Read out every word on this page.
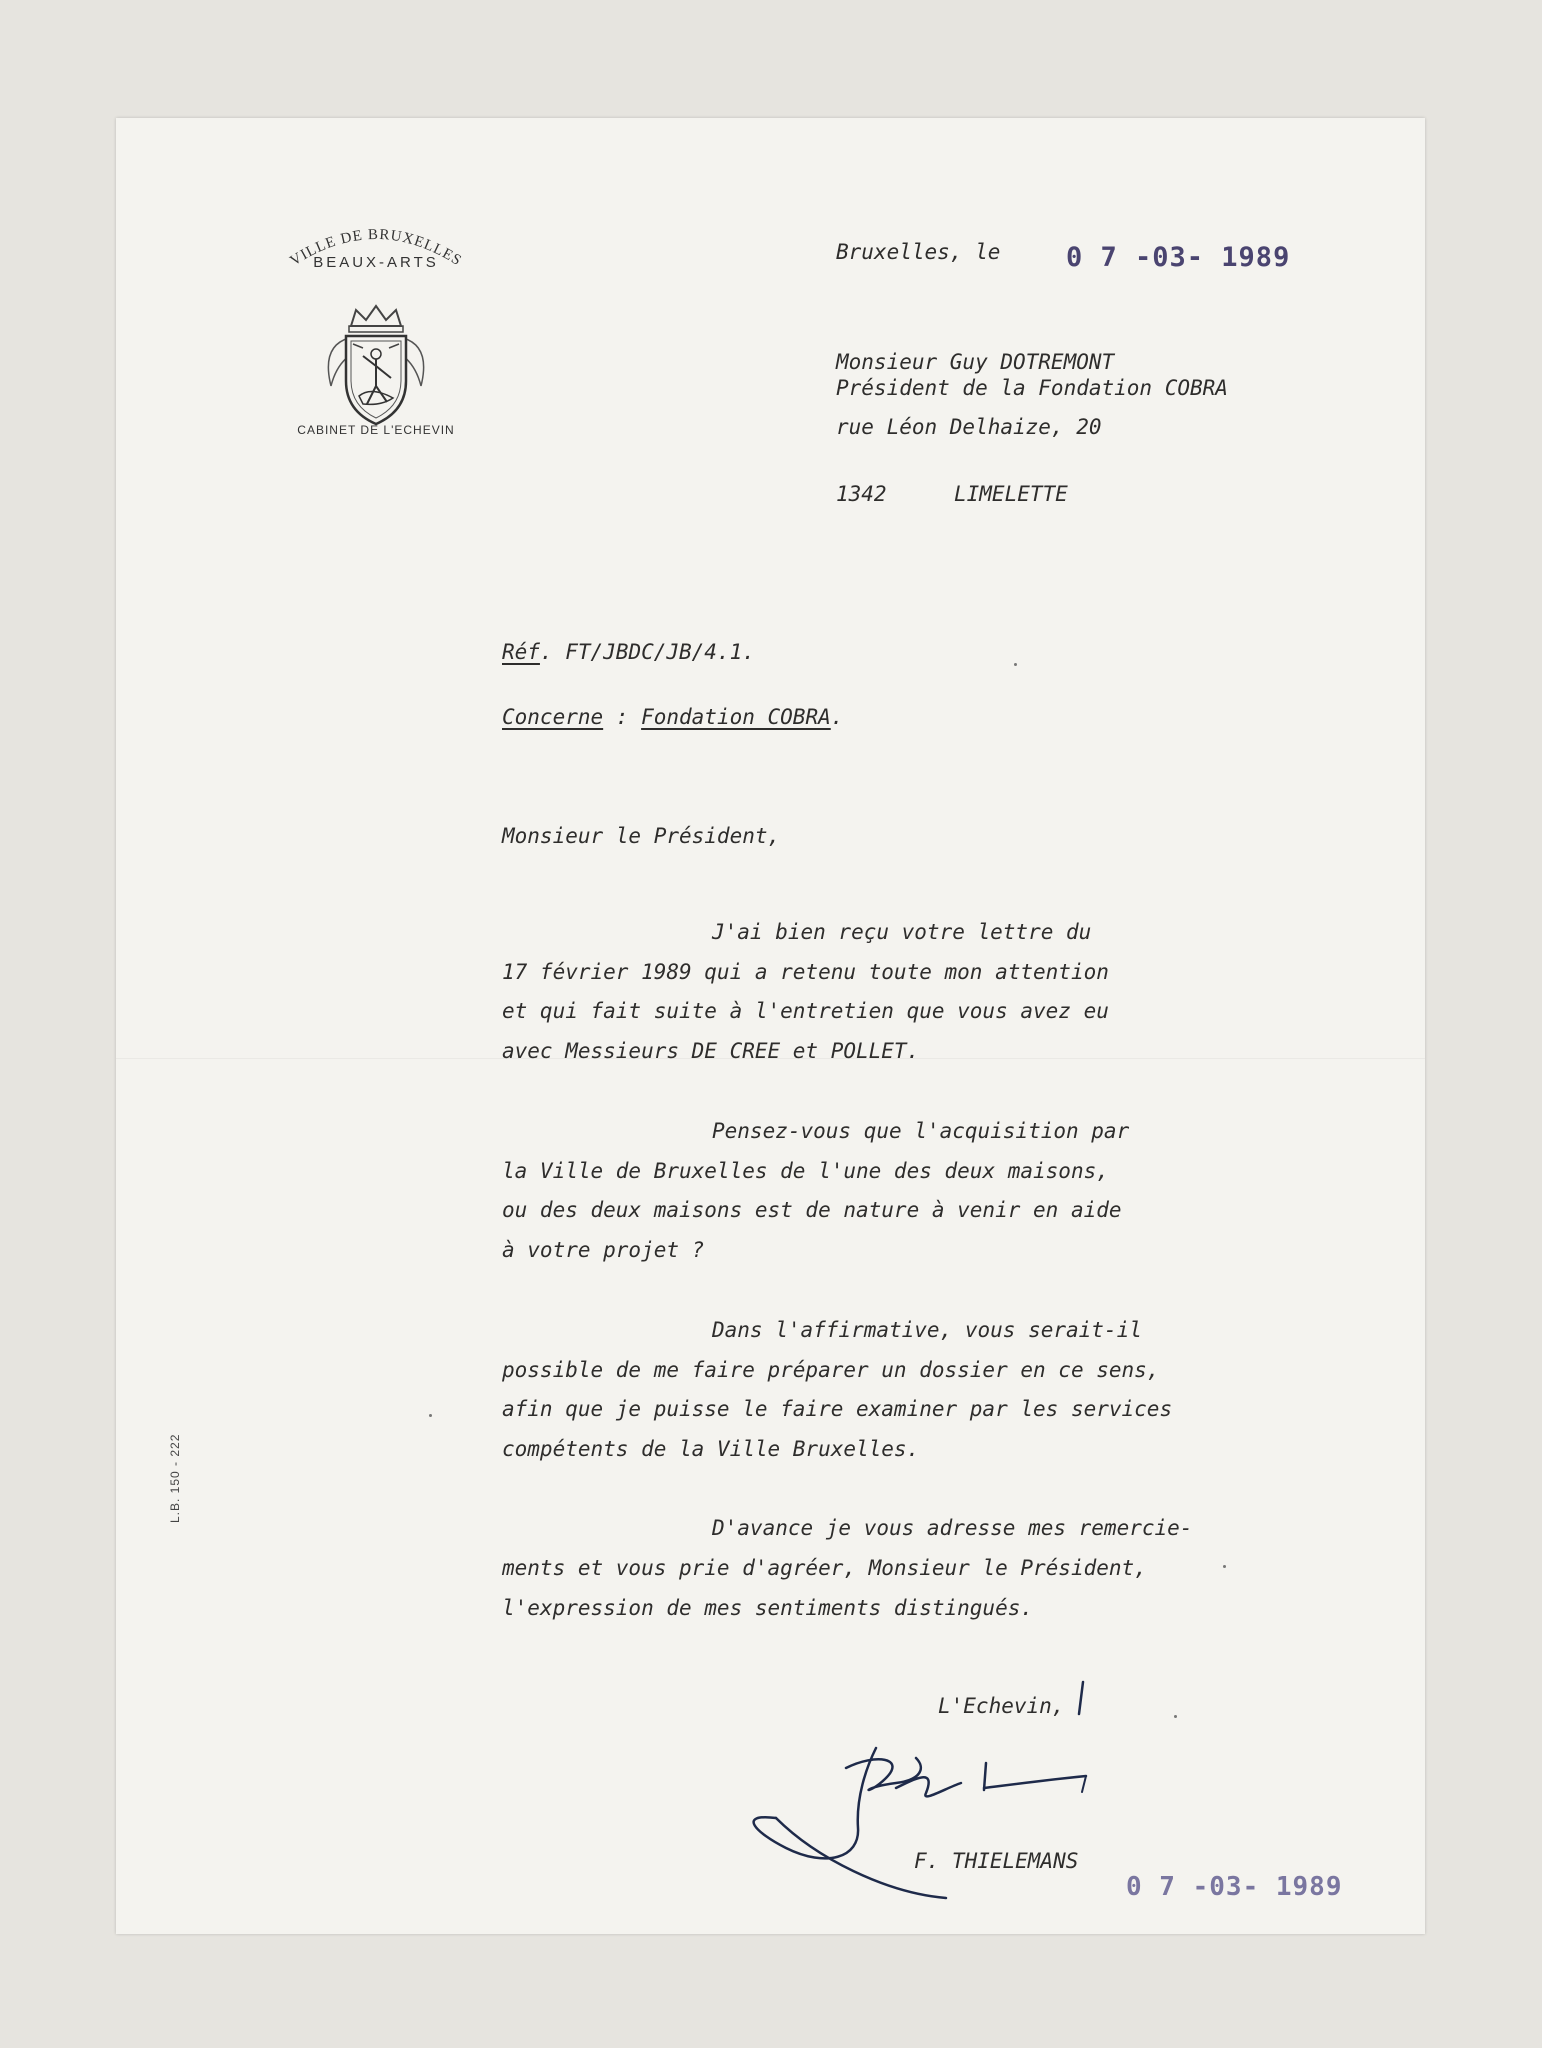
VILLE DE BRUXELLES
BEAUX-ARTS
CABINET DE L'ECHEVIN
L.B. 150 - 222
Bruxelles, le 0 7 -03- 1989
Monsieur Guy DOTREMONT
Président de la Fondation COBRA
rue Léon Delhaize, 20
1342	LIMELETTE
Réf. FT/JBDC/JB/4.1.
Concerne : Fondation COBRA.
Monsieur le Président,
J'ai bien reçu votre lettre du
17 février 1989 qui a retenu toute mon attention
et qui fait suite à l'entretien que vous avez eu
avec Messieurs DE CREE et POLLET.
Pensez-vous que l'acquisition par
la Ville de Bruxelles de l'une des deux maisons,
ou des deux maisons est de nature à venir en aide
à votre projet ?
Dans l'affirmative, vous serait-il
possible de me faire préparer un dossier en ce sens,
afin que je puisse le faire examiner par les services
compétents de la Ville Bruxelles.
D'avance je vous adresse mes remercie-
ments et vous prie d'agréer, Monsieur le Président,
l'expression de mes sentiments distingués.
L'Echevin,
F. THIELEMANS
0 7 -03- 1989
